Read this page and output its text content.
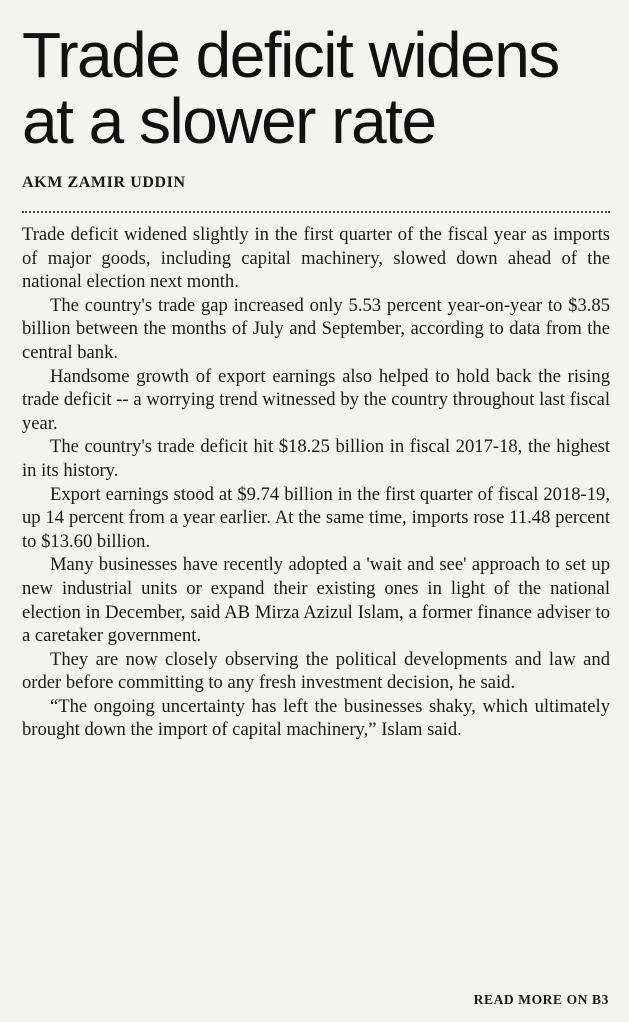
Trade deficit widens
at a slower rate
AKM ZAMIR UDDIN

Trade deficit widened slightly in the first quarter of the fiscal year as imports of major goods, including capital machinery, slowed down ahead of the national election next month.

The country's trade gap increased only 5.53 percent year-on-year to $3.85 billion between the months of July and September, according to data from the central bank.

Handsome growth of export earnings also helped to hold back the rising trade deficit -- a worrying trend witnessed by the country throughout last fiscal year.

The country's trade deficit hit $18.25 billion in fiscal 2017-18, the highest in its history.

Export earnings stood at $9.74 billion in the first quarter of fiscal 2018-19, up 14 percent from a year earlier. At the same time, imports rose 11.48 percent to $13.60 billion.

Many businesses have recently adopted a 'wait and see' approach to set up new industrial units or expand their existing ones in light of the national election in December, said AB Mirza Azizul Islam, a former finance adviser to a caretaker government.

They are now closely observing the political developments and law and order before committing to any fresh investment decision, he said.

“The ongoing uncertainty has left the businesses shaky, which ultimately brought down the import of capital machinery,” Islam said.

READ MORE ON B3
